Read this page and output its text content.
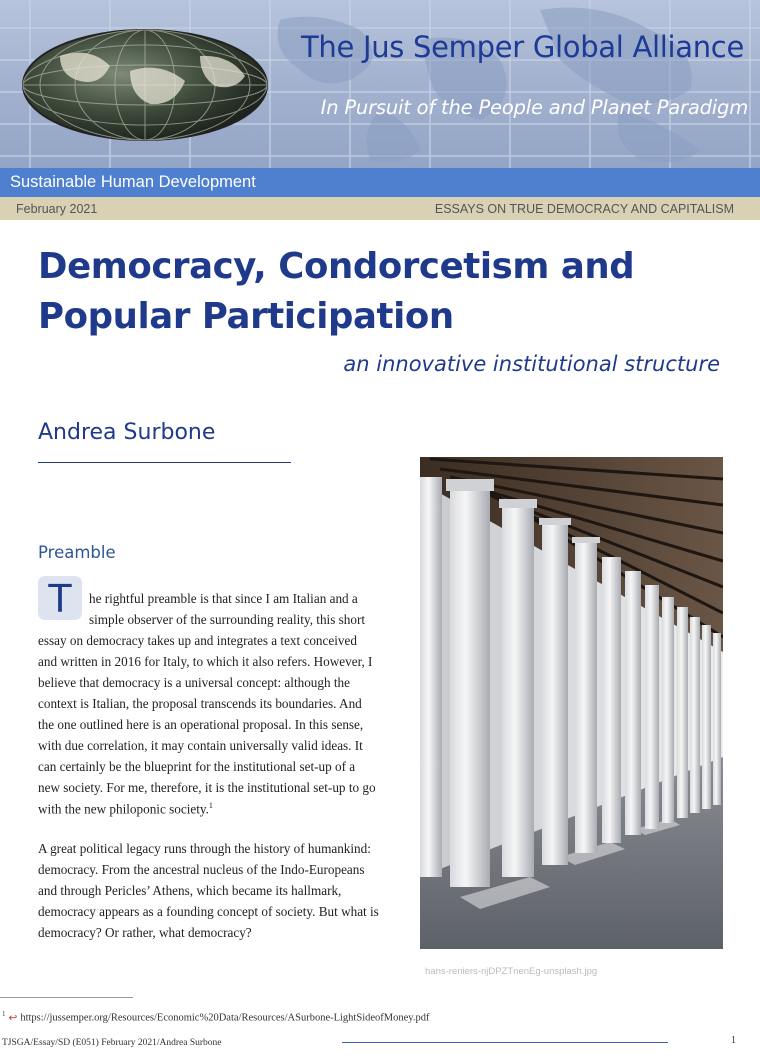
The Jus Semper Global Alliance
In Pursuit of the People and Planet Paradigm
Sustainable Human Development
February 2021	ESSAYS ON TRUE DEMOCRACY AND CAPITALISM
Democracy, Condorcetism and Popular Participation
an innovative institutional structure
Andrea Surbone
Preamble
T	he rightful preamble is that since I am Italian and a
simple observer of the surrounding reality, this short
essay on democracy takes up and integrates a text conceived
and written in 2016 for Italy, to which it also refers. However, I
believe that democracy is a universal concept: although the
context is Italian, the proposal transcends its boundaries. And
the one outlined here is an operational proposal. In this sense,
with due correlation, it may contain universally valid ideas. It
can certainly be the blueprint for the institutional set-up of a
new society. For me, therefore, it is the institutional set-up to go
with the new philoponic society.$^1$
A great political legacy runs through the history of humankind:
democracy. From the ancestral nucleus of the Indo-Europeans
and through Pericles’ Athens, which became its hallmark,
democracy appears as a founding concept of society. But what is
democracy? Or rather, what democracy?
hans-reniers-njDPZTnenEg-unsplash.jpg
$^1$ ↩ https://jussemper.org/Resources/Economic%20Data/Resources/ASurbone-LightSideofMoney.pdf
TJSGA/Essay/SD (E051) February 2021/Andrea Surbone	1
